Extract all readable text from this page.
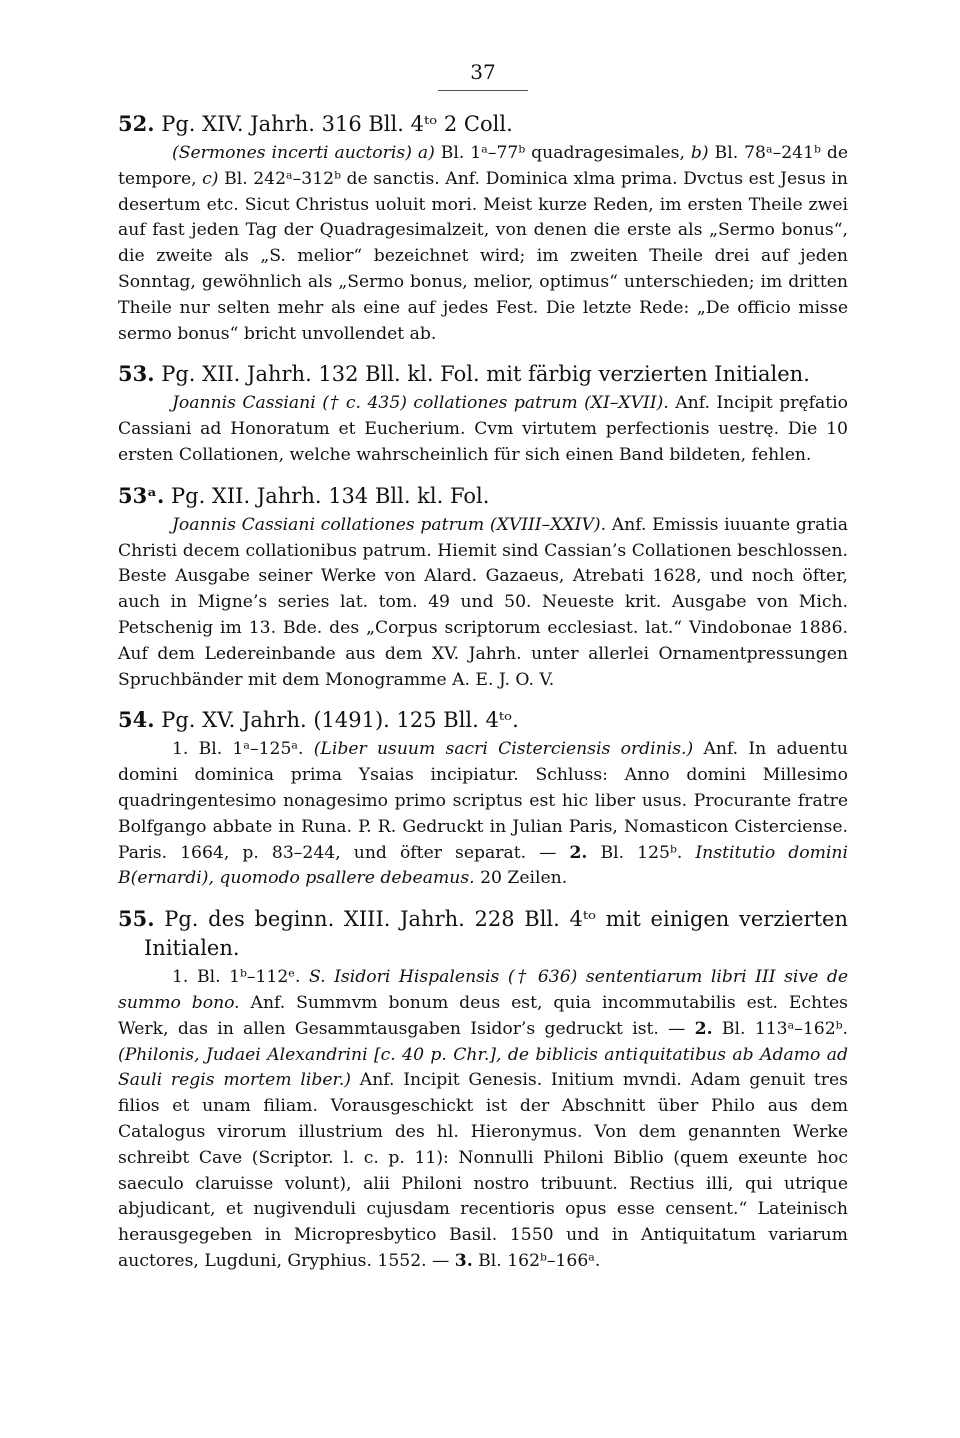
37
52. Pg. XIV. Jahrh. 316 Bll. 4ᵗᵒ 2 Coll.

(Sermones incerti auctoris) a) Bl. 1ᵃ–77ᵇ quadragesimales, b) Bl. 78ᵃ–241ᵇ de tempore, c) Bl. 242ᵃ–312ᵇ de sanctis. Anf. Dominica xlma prima. Dvctus est Jesus in desertum etc. Sicut Christus uoluit mori. Meist kurze Reden, im ersten Theile zwei auf fast jeden Tag der Quadragesimalzeit, von denen die erste als „Sermo bonus“, die zweite als „S. melior“ bezeichnet wird; im zweiten Theile drei auf jeden Sonntag, gewöhnlich als „Sermo bonus, melior, optimus“ unterschieden; im dritten Theile nur selten mehr als eine auf jedes Fest. Die letzte Rede: „De officio misse sermo bonus“ bricht unvollendet ab.

53. Pg. XII. Jahrh. 132 Bll. kl. Fol. mit färbig verzierten Initialen.

Joannis Cassiani († c. 435) collationes patrum (XI–XVII). Anf. Incipit pręfatio Cassiani ad Honoratum et Eucherium. Cvm virtutem perfectionis uestrę. Die 10 ersten Collationen, welche wahrscheinlich für sich einen Band bildeten, fehlen.

53ᵃ. Pg. XII. Jahrh. 134 Bll. kl. Fol.

Joannis Cassiani collationes patrum (XVIII–XXIV). Anf. Emissis iuuante gratia Christi decem collationibus patrum. Hiemit sind Cassian’s Collationen beschlossen. Beste Ausgabe seiner Werke von Alard. Gazaeus, Atrebati 1628, und noch öfter, auch in Migne’s series lat. tom. 49 und 50. Neueste krit. Ausgabe von Mich. Petschenig im 13. Bde. des „Corpus scriptorum ecclesiast. lat.“ Vindobonae 1886. Auf dem Ledereinbande aus dem XV. Jahrh. unter allerlei Ornamentpressungen Spruchbänder mit dem Monogramme A. E. J. O. V.

54. Pg. XV. Jahrh. (1491). 125 Bll. 4ᵗᵒ.

1. Bl. 1ᵃ–125ᵃ. (Liber usuum sacri Cisterciensis ordinis.) Anf. In aduentu domini dominica prima Ysaias incipiatur. Schluss: Anno domini Millesimo quadringentesimo nonagesimo primo scriptus est hic liber usus. Procurante fratre Bolfgango abbate in Runa. P. R. Gedruckt in Julian Paris, Nomasticon Cisterciense. Paris. 1664, p. 83–244, und öfter separat. — 2. Bl. 125ᵇ. Institutio domini B(ernardi), quomodo psallere debeamus. 20 Zeilen.

55. Pg. des beginn. XIII. Jahrh. 228 Bll. 4ᵗᵒ mit einigen verzierten Initialen.

1. Bl. 1ᵇ–112ᵉ. S. Isidori Hispalensis († 636) sententiarum libri III sive de summo bono. Anf. Summvm bonum deus est, quia incommutabilis est. Echtes Werk, das in allen Gesammtausgaben Isidor’s gedruckt ist. — 2. Bl. 113ᵃ–162ᵇ. (Philonis, Judaei Alexandrini [c. 40 p. Chr.], de biblicis antiquitatibus ab Adamo ad Sauli regis mortem liber.) Anf. Incipit Genesis. Initium mvndi. Adam genuit tres filios et unam filiam. Vorausgeschickt ist der Abschnitt über Philo aus dem Catalogus virorum illustrium des hl. Hieronymus. Von dem genannten Werke schreibt Cave (Scriptor. l. c. p. 11): Nonnulli Philoni Biblio (quem exeunte hoc saeculo claruisse volunt), alii Philoni nostro tribuunt. Rectius illi, qui utrique abjudicant, et nugivenduli cujusdam recentioris opus esse censent.“ Lateinisch herausgegeben in Micropresbytico Basil. 1550 und in Antiquitatum variarum auctores, Lugduni, Gryphius. 1552. — 3. Bl. 162ᵇ–166ᵃ.
